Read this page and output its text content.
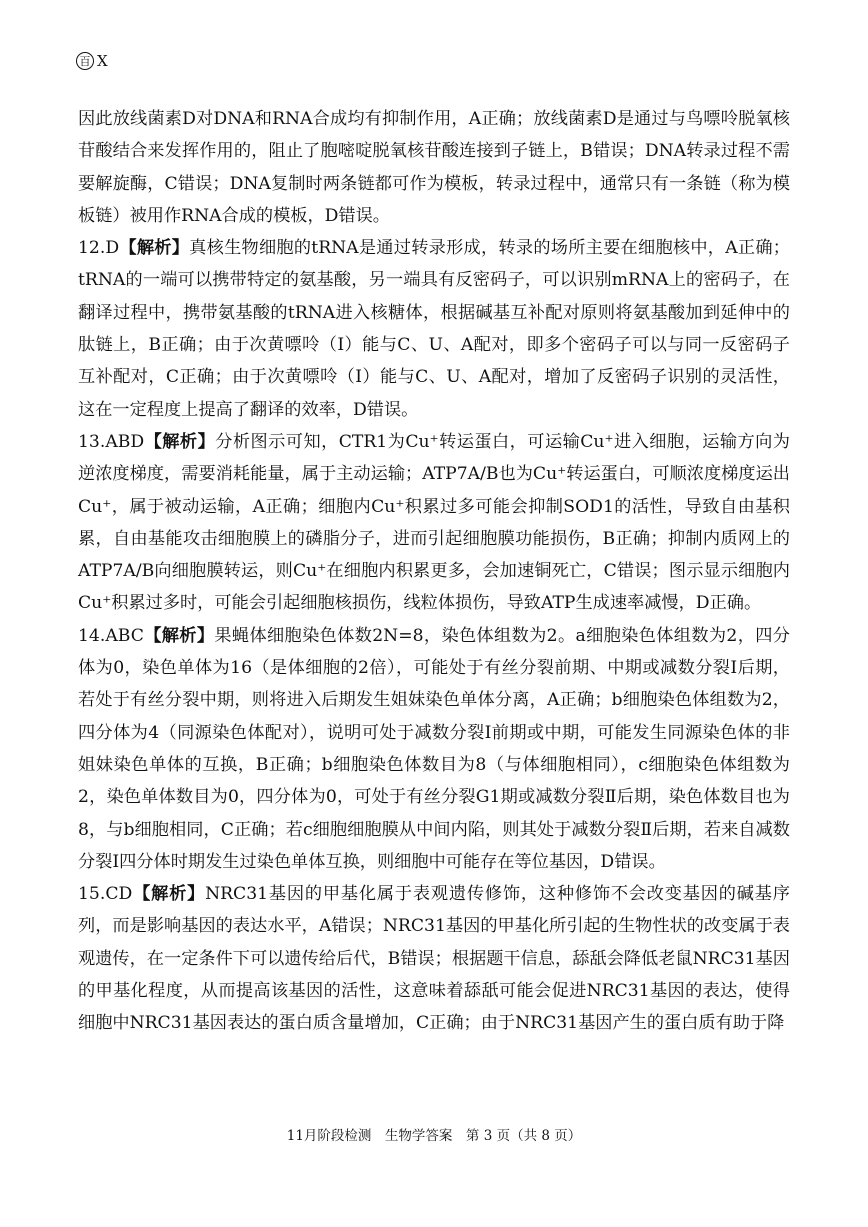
百 X

因此放线菌素D对DNA和RNA合成均有抑制作用，A正确；放线菌素D是通过与鸟嘌呤脱氧核苷酸结合来发挥作用的，阻止了胞嘧啶脱氧核苷酸连接到子链上，B错误；DNA转录过程不需要解旋酶，C错误；DNA复制时两条链都可作为模板，转录过程中，通常只有一条链（称为模板链）被用作RNA合成的模板，D错误。

12.D【解析】真核生物细胞的tRNA是通过转录形成，转录的场所主要在细胞核中，A正确；tRNA的一端可以携带特定的氨基酸，另一端具有反密码子，可以识别mRNA上的密码子，在翻译过程中，携带氨基酸的tRNA进入核糖体，根据碱基互补配对原则将氨基酸加到延伸中的肽链上，B正确；由于次黄嘌呤（I）能与C、U、A配对，即多个密码子可以与同一反密码子互补配对，C正确；由于次黄嘌呤（I）能与C、U、A配对，增加了反密码子识别的灵活性，这在一定程度上提高了翻译的效率，D错误。

13.ABD【解析】分析图示可知，CTR1为Cu⁺转运蛋白，可运输Cu⁺进入细胞，运输方向为逆浓度梯度，需要消耗能量，属于主动运输；ATP7A/B也为Cu⁺转运蛋白，可顺浓度梯度运出Cu⁺，属于被动运输，A正确；细胞内Cu⁺积累过多可能会抑制SOD1的活性，导致自由基积累，自由基能攻击细胞膜上的磷脂分子，进而引起细胞膜功能损伤，B正确；抑制内质网上的ATP7A/B向细胞膜转运，则Cu⁺在细胞内积累更多，会加速铜死亡，C错误；图示显示细胞内Cu⁺积累过多时，可能会引起细胞核损伤，线粒体损伤，导致ATP生成速率减慢，D正确。

14.ABC【解析】果蝇体细胞染色体数2N=8，染色体组数为2。a细胞染色体组数为2，四分体为0，染色单体为16（是体细胞的2倍），可能处于有丝分裂前期、中期或减数分裂Ⅰ后期，若处于有丝分裂中期，则将进入后期发生姐妹染色单体分离，A正确；b细胞染色体组数为2，四分体为4（同源染色体配对），说明可处于减数分裂Ⅰ前期或中期，可能发生同源染色体的非姐妹染色单体的互换，B正确；b细胞染色体数目为8（与体细胞相同），c细胞染色体组数为2，染色单体数目为0，四分体为0，可处于有丝分裂G1期或减数分裂Ⅱ后期，染色体数目也为8，与b细胞相同，C正确；若c细胞细胞膜从中间内陷，则其处于减数分裂Ⅱ后期，若来自减数分裂Ⅰ四分体时期发生过染色单体互换，则细胞中可能存在等位基因，D错误。

15.CD【解析】NRC31基因的甲基化属于表观遗传修饰，这种修饰不会改变基因的碱基序列，而是影响基因的表达水平，A错误；NRC31基因的甲基化所引起的生物性状的改变属于表观遗传，在一定条件下可以遗传给后代，B错误；根据题干信息，舔舐会降低老鼠NRC31基因的甲基化程度，从而提高该基因的活性，这意味着舔舐可能会促进NRC31基因的表达，使得细胞中NRC31基因表达的蛋白质含量增加，C正确；由于NRC31基因产生的蛋白质有助于降

11月阶段检测　生物学答案　第 3 页（共 8 页）
